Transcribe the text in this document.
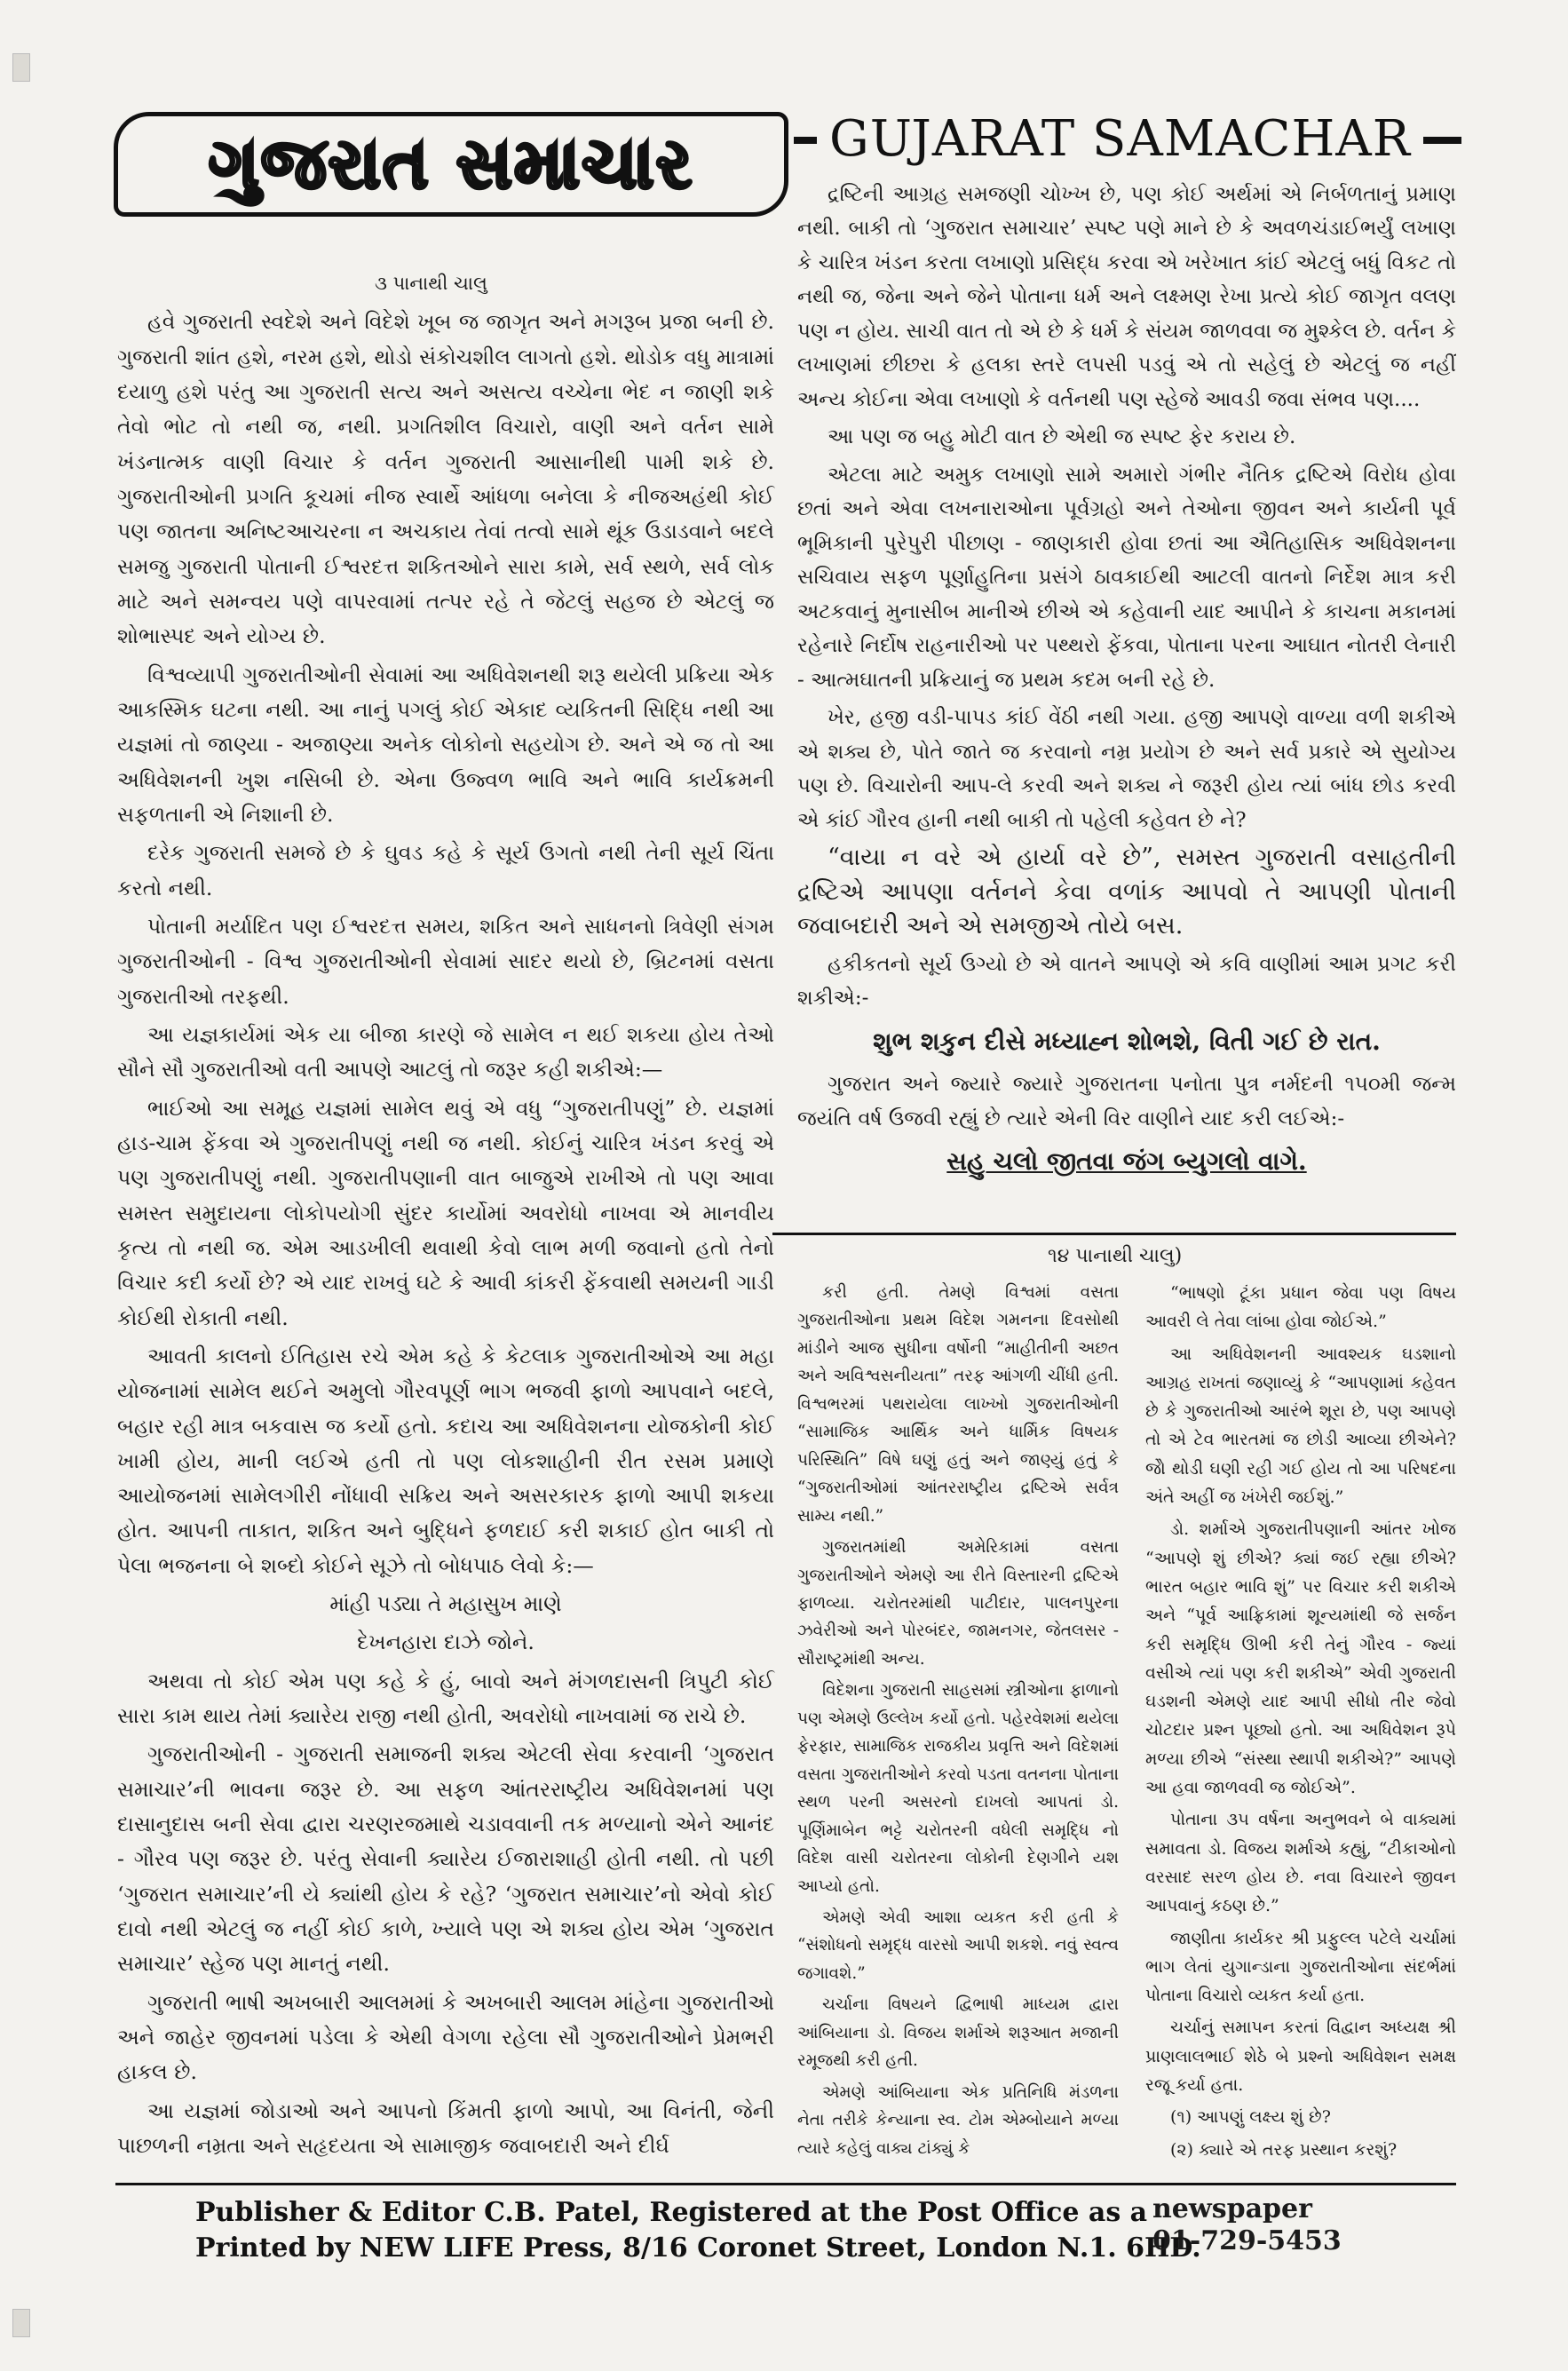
ગુજરાત સમાચાર	GUJARAT SAMACHAR

૩ પાનાથી ચાલુ

હવે ગુજરાતી સ્વદેશે અને વિદેશે ખૂબ જ જાગૃત અને મગરૂબ પ્રજા બની છે. ગુજરાતી શાંત હશે, નરમ હશે, થોડો સંકોચશીલ લાગતો હશે. થોડોક વધુ માત્રામાં દયાળુ હશે પરંતુ આ ગુજરાતી સત્ય અને અસત્ય વચ્ચેના ભેદ ન જાણી શકે તેવો ભોટ તો નથી જ, નથી. પ્રગતિશીલ વિચારો, વાણી અને વર્તન સામે ખંડનાત્મક વાણી વિચાર કે વર્તન ગુજરાતી આસાનીથી પામી શકે છે. ગુજરાતીઓની પ્રગતિ કૂચમાં નીજ સ્વાર્થે આંધળા બનેલા કે નીજઅહંથી કોઈ પણ જાતના અનિષ્ટઆચરના ન અચકાય તેવાં તત્વો સામે થૂંક ઉડાડવાને બદલે સમજુ ગુજરાતી પોતાની ઈશ્વરદત્ત શકિતઓને સારા કામે, સર્વ સ્થળે, સર્વ લોક માટે અને સમન્વય પણે વાપરવામાં તત્પર રહે તે જેટલું સહજ છે એટલું જ શોભાસ્પદ અને યોગ્ય છે.

વિશ્વવ્યાપી ગુજરાતીઓની સેવામાં આ અધિવેશનથી શરૂ થયેલી પ્રક્રિયા એક આકસ્મિક ઘટના નથી. આ નાનું પગલું કોઈ એકાદ વ્યકિતની સિદ્ધિ નથી આ યજ્ઞમાં તો જાણ્યા - અજાણ્યા અનેક લોકોનો સહયોગ છે. અને એ જ તો આ અધિવેશનની ખુશ નસિબી છે. એના ઉજ્વળ ભાવિ અને ભાવિ કાર્યક્રમની સફળતાની એ નિશાની છે.

દરેક ગુજરાતી સમજે છે કે ઘુવડ કહે કે સૂર્ય ઉગતો નથી તેની સૂર્ય ચિંતા કરતો નથી.

પોતાની મર્યાદિત પણ ઈશ્વરદત્ત સમય, શકિત અને સાધનનો ત્રિવેણી સંગમ ગુજરાતીઓની - વિશ્વ ગુજરાતીઓની સેવામાં સાદર થયો છે, બ્રિટનમાં વસતા ગુજરાતીઓ તરફથી.

આ યજ્ઞકાર્યમાં એક યા બીજા કારણે જે સામેલ ન થઈ શકયા હોય તેઓ સૌને સૌ ગુજરાતીઓ વતી આપણે આટલું તો જરૂર કહી શકીએ:—

ભાઈઓ આ સમૂહ યજ્ઞમાં સામેલ થવું એ વધુ “ગુજરાતીપણું” છે. યજ્ઞમાં હાડ-ચામ ફેંકવા એ ગુજરાતીપણું નથી જ નથી. કોઈનું ચારિત્ર ખંડન કરવું એ પણ ગુજરાતીપણું નથી. ગુજરાતીપણાની વાત બાજુએ રાખીએ તો પણ આવા સમસ્ત સમુદાયના લોકોપયોગી સુંદર કાર્યોમાં અવરોધો નાખવા એ માનવીય કૃત્ય તો નથી જ. એમ આડખીલી થવાથી કેવો લાભ મળી જવાનો હતો તેનો વિચાર કદી કર્યો છે? એ યાદ રાખવું ઘટે કે આવી કાંકરી ફેંકવાથી સમયની ગાડી કોઈથી રોકાતી નથી.

આવતી કાલનો ઈતિહાસ રચે એમ કહે કે કેટલાક ગુજરાતીઓએ આ મહા યોજનામાં સામેલ થઈને અમુલો ગૌરવપૂર્ણ ભાગ ભજવી ફાળો આપવાને બદલે, બહાર રહી માત્ર બકવાસ જ કર્યો હતો. કદાચ આ અધિવેશનના યોજકોની કોઈ ખામી હોય, માની લઈએ હતી તો પણ લોકશાહીની રીત રસમ પ્રમાણે આયોજનમાં સામેલગીરી નોંધાવી સક્રિય અને અસરકારક ફાળો આપી શકયા હોત. આપની તાકાત, શકિત અને બુદ્ધિને ફળદાઈ કરી શકાઈ હોત બાકી તો પેલા ભજનના બે શબ્દો કોઈને સૂઝે તો બોધપાઠ લેવો કે:—

માંહી પડ્યા તે મહાસુખ માણે

દેખનહારા દાઝે જોને.

અથવા તો કોઈ એમ પણ કહે કે હું, બાવો અને મંગળદાસની ત્રિપુટી કોઈ સારા કામ થાય તેમાં ક્યારેય રાજી નથી હોતી, અવરોધો નાખવામાં જ રાચે છે.

ગુજરાતીઓની - ગુજરાતી સમાજની શક્ય એટલી સેવા કરવાની ‘ગુજરાત સમાચાર’ની ભાવના જરૂર છે. આ સફળ આંતરરાષ્ટ્રીય અધિવેશનમાં પણ દાસાનુદાસ બની સેવા દ્વારા ચરણરજમાથે ચડાવવાની તક મળ્યાનો એને આનંદ - ગૌરવ પણ જરૂર છે. પરંતુ સેવાની ક્યારેય ઈજારાશાહી હોતી નથી. તો પછી ‘ગુજરાત સમાચાર’ની યે ક્યાંથી હોય કે રહે? ‘ગુજરાત સમાચાર’નો એવો કોઈ દાવો નથી એટલું જ નહીં કોઈ કાળે, ખ્યાલે પણ એ શક્ય હોય એમ ‘ગુજરાત સમાચાર’ સ્હેજ પણ માનતું નથી.

ગુજરાતી ભાષી અખબારી આલમમાં કે અખબારી આલમ માંહેના ગુજરાતીઓ અને જાહેર જીવનમાં પડેલા કે એથી વેગળા રહેલા સૌ ગુજરાતીઓને પ્રેમભરી હાકલ છે.

આ યજ્ઞમાં જોડાઓ અને આપનો કિંમતી ફાળો આપો, આ વિનંતી, જેની પાછળની નમ્રતા અને સહૃદયતા એ સામાજીક જવાબદારી અને દીર્ઘ

દ્રષ્ટિની આગ્રહ સમજણી ચોખ્ખ છે, પણ કોઈ અર્થમાં એ નિર્બળતાનું પ્રમાણ નથી. બાકી તો ‘ગુજરાત સમાચાર’ સ્પષ્ટ પણે માને છે કે અવળચંડાઈભર્યું લખાણ કે ચારિત્ર ખંડન કરતા લખાણો પ્રસિદ્ધ કરવા એ ખરેખાત કાંઈ એટલું બધું વિકટ તો નથી જ, જેના અને જેને પોતાના ધર્મ અને લક્ષ્મણ રેખા પ્રત્યે કોઈ જાગૃત વલણ પણ ન હોય. સાચી વાત તો એ છે કે ધર્મ કે સંયમ જાળવવા જ મુશ્કેલ છે. વર્તન કે લખાણમાં છીછરા કે હલકા સ્તરે લપસી પડવું એ તો સહેલું છે એટલું જ નહીં અન્ય કોઈના એવા લખાણો કે વર્તનથી પણ સ્હેજે આવડી જવા સંભવ પણ....

આ પણ જ બહુ મોટી વાત છે એથી જ સ્પષ્ટ ફેર કરાય છે.

એટલા માટે અમુક લખાણો સામે અમારો ગંભીર નૈતિક દ્રષ્ટિએ વિરોધ હોવા છતાં અને એવા લખનારાઓના પૂર્વગ્રહો અને તેઓના જીવન અને કાર્યની પૂર્વ ભૂમિકાની પુરેપુરી પીછાણ - જાણકારી હોવા છતાં આ ઐતિહાસિક અધિવેશનના સચિવાય સફળ પૂર્ણાહુતિના પ્રસંગે ઠાવકાઈથી આટલી વાતનો નિર્દેશ માત્ર કરી અટકવાનું મુનાસીબ માનીએ છીએ એ કહેવાની યાદ આપીને કે કાચના મકાનમાં રહેનારે નિર્દોષ રાહનારીઓ પર પથ્થરો ફેંકવા, પોતાના પરના આઘાત નોતરી લેનારી - આત્મઘાતની પ્રક્રિયાનું જ પ્રથમ કદમ બની રહે છે.

ખેર, હજી વડી-પાપડ કાંઈ વેંઠી નથી ગયા. હજી આપણે વાળ્યા વળી શકીએ એ શક્ય છે, પોતે જાતે જ કરવાનો નમ્ર પ્રયોગ છે અને સર્વ પ્રકારે એ સુયોગ્ય પણ છે. વિચારોની આપ-લે કરવી અને શક્ય ને જરૂરી હોય ત્યાં બાંધ છોડ કરવી એ કાંઈ ગૌરવ હાની નથી બાકી તો પહેલી કહેવત છે ને?

“વાયા ન વરે એ હાર્યા વરે છે”, સમસ્ત ગુજરાતી વસાહતીની દ્રષ્ટિએ આપણા વર્તનને કેવા વળાંક આપવો તે આપણી પોતાની જવાબદારી અને એ સમજીએ તોયે બસ.

હકીકતનો સૂર્ય ઉગ્યો છે એ વાતને આપણે એ કવિ વાણીમાં આમ પ્રગટ કરી શકીએ:-

શુભ શકુન દીસે મધ્યાહ્ન શોભશે, વિતી ગઈ છે રાત.

ગુજરાત અને જ્યારે જ્યારે ગુજરાતના પનોતા પુત્ર નર્મદની ૧૫૦મી જન્મ જયંતિ વર્ષ ઉજવી રહ્યું છે ત્યારે એની વિર વાણીને યાદ કરી લઈએ:-

સહુ ચલો જીતવા જંગ બ્યુગલો વાગે.

૧૪ પાનાથી ચાલુ)

કરી હતી. તેમણે વિશ્વમાં વસતા ગુજરાતીઓના પ્રથમ વિદેશ ગમનના દિવસોથી માંડીને આજ સુધીના વર્ષોની “માહીતીની અછત અને અવિશ્વસનીયતા” તરફ આંગળી ચીંધી હતી. વિશ્વભરમાં પથરાયેલા લાખ્ખો ગુજરાતીઓની “સામાજિક આર્થિક અને ધાર્મિક વિષયક પરિસ્થિતિ” વિષે ઘણું હતું અને જાણ્યું હતું કે “ગુજરાતીઓમાં આંતરરાષ્ટ્રીય દ્રષ્ટિએ સર્વત્ર સામ્ય નથી.”

ગુજરાતમાંથી અમેરિકામાં વસતા ગુજરાતીઓને એમણે આ રીતે વિસ્તારની દ્રષ્ટિએ ફાળવ્યા. ચરોતરમાંથી પાટીદાર, પાલનપુરના ઝવેરીઓ અને પોરબંદર, જામનગર, જેતલસર - સૌરાષ્ટ્રમાંથી અન્ય.

વિદેશના ગુજરાતી સાહસમાં સ્ત્રીઓના ફાળાનો પણ એમણે ઉલ્લેખ કર્યો હતો. પહેરવેશમાં થયેલા ફેરફાર, સામાજિક રાજકીય પ્રવૃત્તિ અને વિદેશમાં વસતા ગુજરાતીઓને કરવો પડતા વતનના પોતાના સ્થળ પરની અસરનો દાખલો આપતાં ડો. પૂર્ણિમાબેન ભટ્ટે ચરોતરની વધેલી સમૃદ્ધિ નો વિદેશ વાસી ચરોતરના લોકોની દેણગીને યશ આપ્યો હતો.

એમણે એવી આશા વ્યકત કરી હતી કે “સંશોધનો સમૃદ્ધ વારસો આપી શકશે. નવું સ્વત્વ જગાવશે.”

ચર્ચાના વિષયને દ્વિભાષી માધ્યમ દ્વારા આંબિયાના ડો. વિજય શર્માએ શરૂઆત મજાની રમૂજથી કરી હતી.

એમણે આંબિયાના એક પ્રતિનિધિ મંડળના નેતા તરીકે કેન્યાના સ્વ. ટોમ એમ્બોયાને મળ્યા ત્યારે કહેલું વાક્ય ટાંક્યું કે

“ભાષણો ટૂંકા પ્રધાન જેવા પણ વિષય આવરી લે તેવા લાંબા હોવા જોઈએ.”

આ અધિવેશનની આવશ્યક ઘડશાનો આગ્રહ રાખતાં જણાવ્યું કે “આપણામાં કહેવત છે કે ગુજરાતીઓ આરંભે શૂરા છે, પણ આપણે તો એ ટેવ ભારતમાં જ છોડી આવ્યા છીએને? જેો થોડી ઘણી રહી ગઈ હોય તો આ પરિષદના અંતે અહીં જ ખંખેરી જઈશું.”

ડો. શર્માએ ગુજરાતીપણાની આંતર ખોજ “આપણે શું છીએ? ક્યાં જઈ રહ્યા છીએ? ભારત બહાર ભાવિ શું” પર વિચાર કરી શકીએ અને “પૂર્વ આફ્રિકામાં શૂન્યમાંથી જે સર્જન કરી સમૃદ્ધિ ઊભી કરી તેનું ગૌરવ - જ્યાં વસીએ ત્યાં પણ કરી શકીએ” એવી ગુજરાતી ઘડશની એમણે યાદ આપી સીધો તીર જેવો ચોટદાર પ્રશ્ન પૂછ્યો હતો. આ અધિવેશન રૂપે મળ્યા છીએ “સંસ્થા સ્થાપી શકીએ?” આપણે આ હવા જાળવવી જ જોઈએ”.

પોતાના ૩૫ વર્ષના અનુભવને બે વાક્યમાં સમાવતા ડો. વિજય શર્માએ કહ્યું, “ટીકાઓનો વરસાદ સરળ હોય છે. નવા વિચારને જીવન આપવાનું કઠણ છે.”

જાણીતા કાર્યકર શ્રી પ્રફુલ્લ પટેલે ચર્ચામાં ભાગ લેતાં યુગાન્ડાના ગુજરાતીઓના સંદર્ભમાં પોતાના વિચારો વ્યકત કર્યા હતા.

ચર્ચાનું સમાપન કરતાં વિદ્વાન અધ્યક્ષ શ્રી પ્રાણલાલભાઈ શેઠે બે પ્રશ્નો અધિવેશન સમક્ષ રજૂ કર્યા હતા.

(૧) આપણું લક્ષ્ય શું છે?

(૨) ક્યારે એ તરફ પ્રસ્થાન કરશું?

Publisher & Editor C.B. Patel, Registered at the Post Office as a
Printed by NEW LIFE Press, 8/16 Coronet Street, London N.1. 6HD.
newspaper
01-729-5453
